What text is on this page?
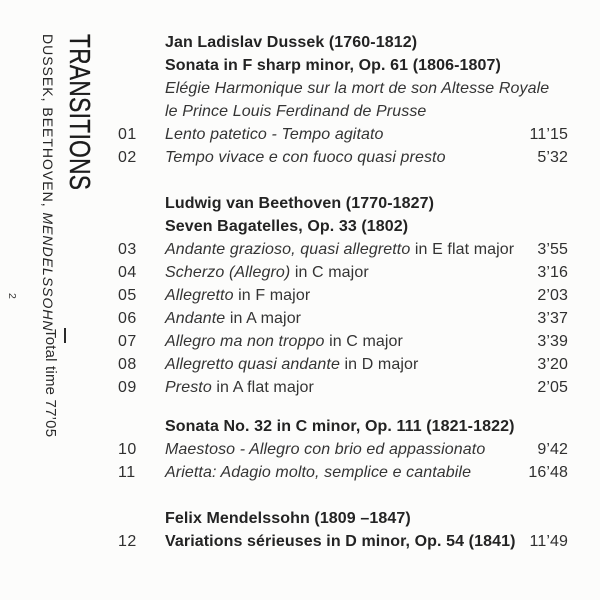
TRANSITIONS
DUSSEK, BEETHOVEN, MENDELSSOHN
2
Total time 77’05
Jan Ladislav Dussek (1760-1812)
Sonata in F sharp minor, Op. 61 (1806-1807)
Elégie Harmonique sur la mort de son Altesse Royale
le Prince Louis Ferdinand de Prusse
01	Lento patetico - Tempo agitato	11’15
02	Tempo vivace e con fuoco quasi presto	5’32
Ludwig van Beethoven (1770-1827)
Seven Bagatelles, Op. 33 (1802)
03	Andante grazioso, quasi allegretto in E flat major	3’55
04	Scherzo (Allegro) in C major	3’16
05	Allegretto in F major	2’03
06	Andante in A major	3’37
07	Allegro ma non troppo in C major	3’39
08	Allegretto quasi andante in D major	3’20
09	Presto in A flat major	2’05
Sonata No. 32 in C minor, Op. 111 (1821-1822)
10	Maestoso - Allegro con brio ed appassionato	9’42
11	Arietta: Adagio molto, semplice e cantabile	16’48
Felix Mendelssohn (1809 –1847)
12	Variations sérieuses in D minor, Op. 54 (1841) 11’49
